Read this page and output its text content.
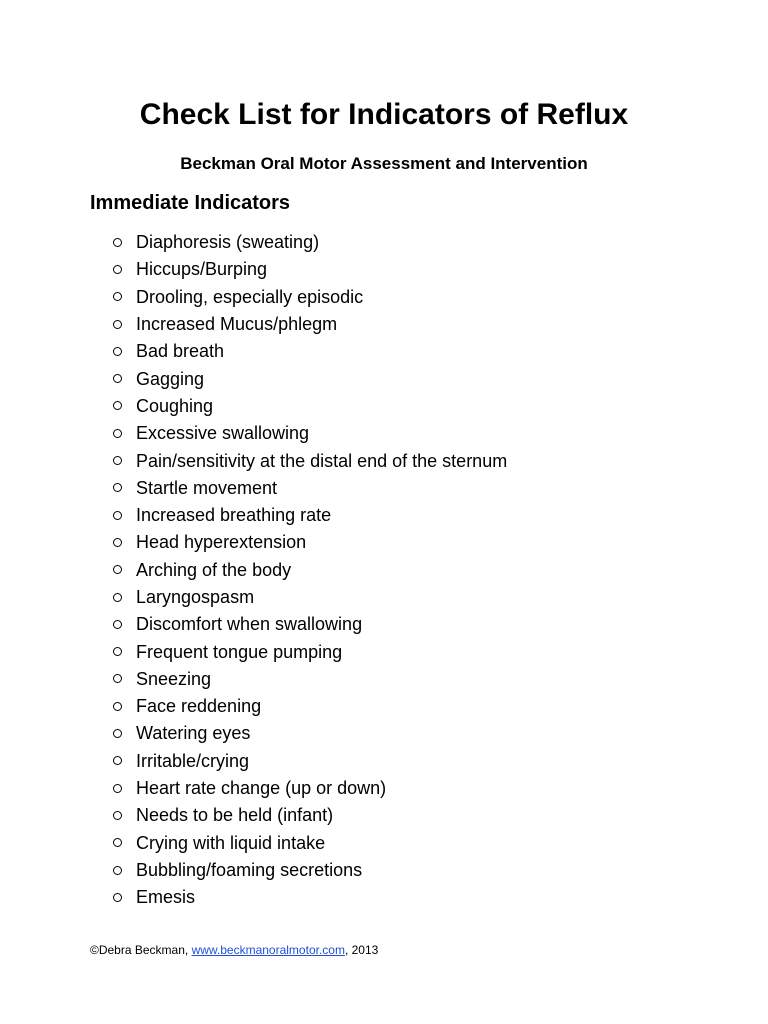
Check List for Indicators of Reflux
Beckman Oral Motor Assessment and Intervention
Immediate Indicators
Diaphoresis (sweating)
Hiccups/Burping
Drooling, especially episodic
Increased Mucus/phlegm
Bad breath
Gagging
Coughing
Excessive swallowing
Pain/sensitivity at the distal end of the sternum
Startle movement
Increased breathing rate
Head hyperextension
Arching of the body
Laryngospasm
Discomfort when swallowing
Frequent tongue pumping
Sneezing
Face reddening
Watering eyes
Irritable/crying
Heart rate change (up or down)
Needs to be held (infant)
Crying with liquid intake
Bubbling/foaming secretions
Emesis
©Debra Beckman, www.beckmanoralmotor.com, 2013
